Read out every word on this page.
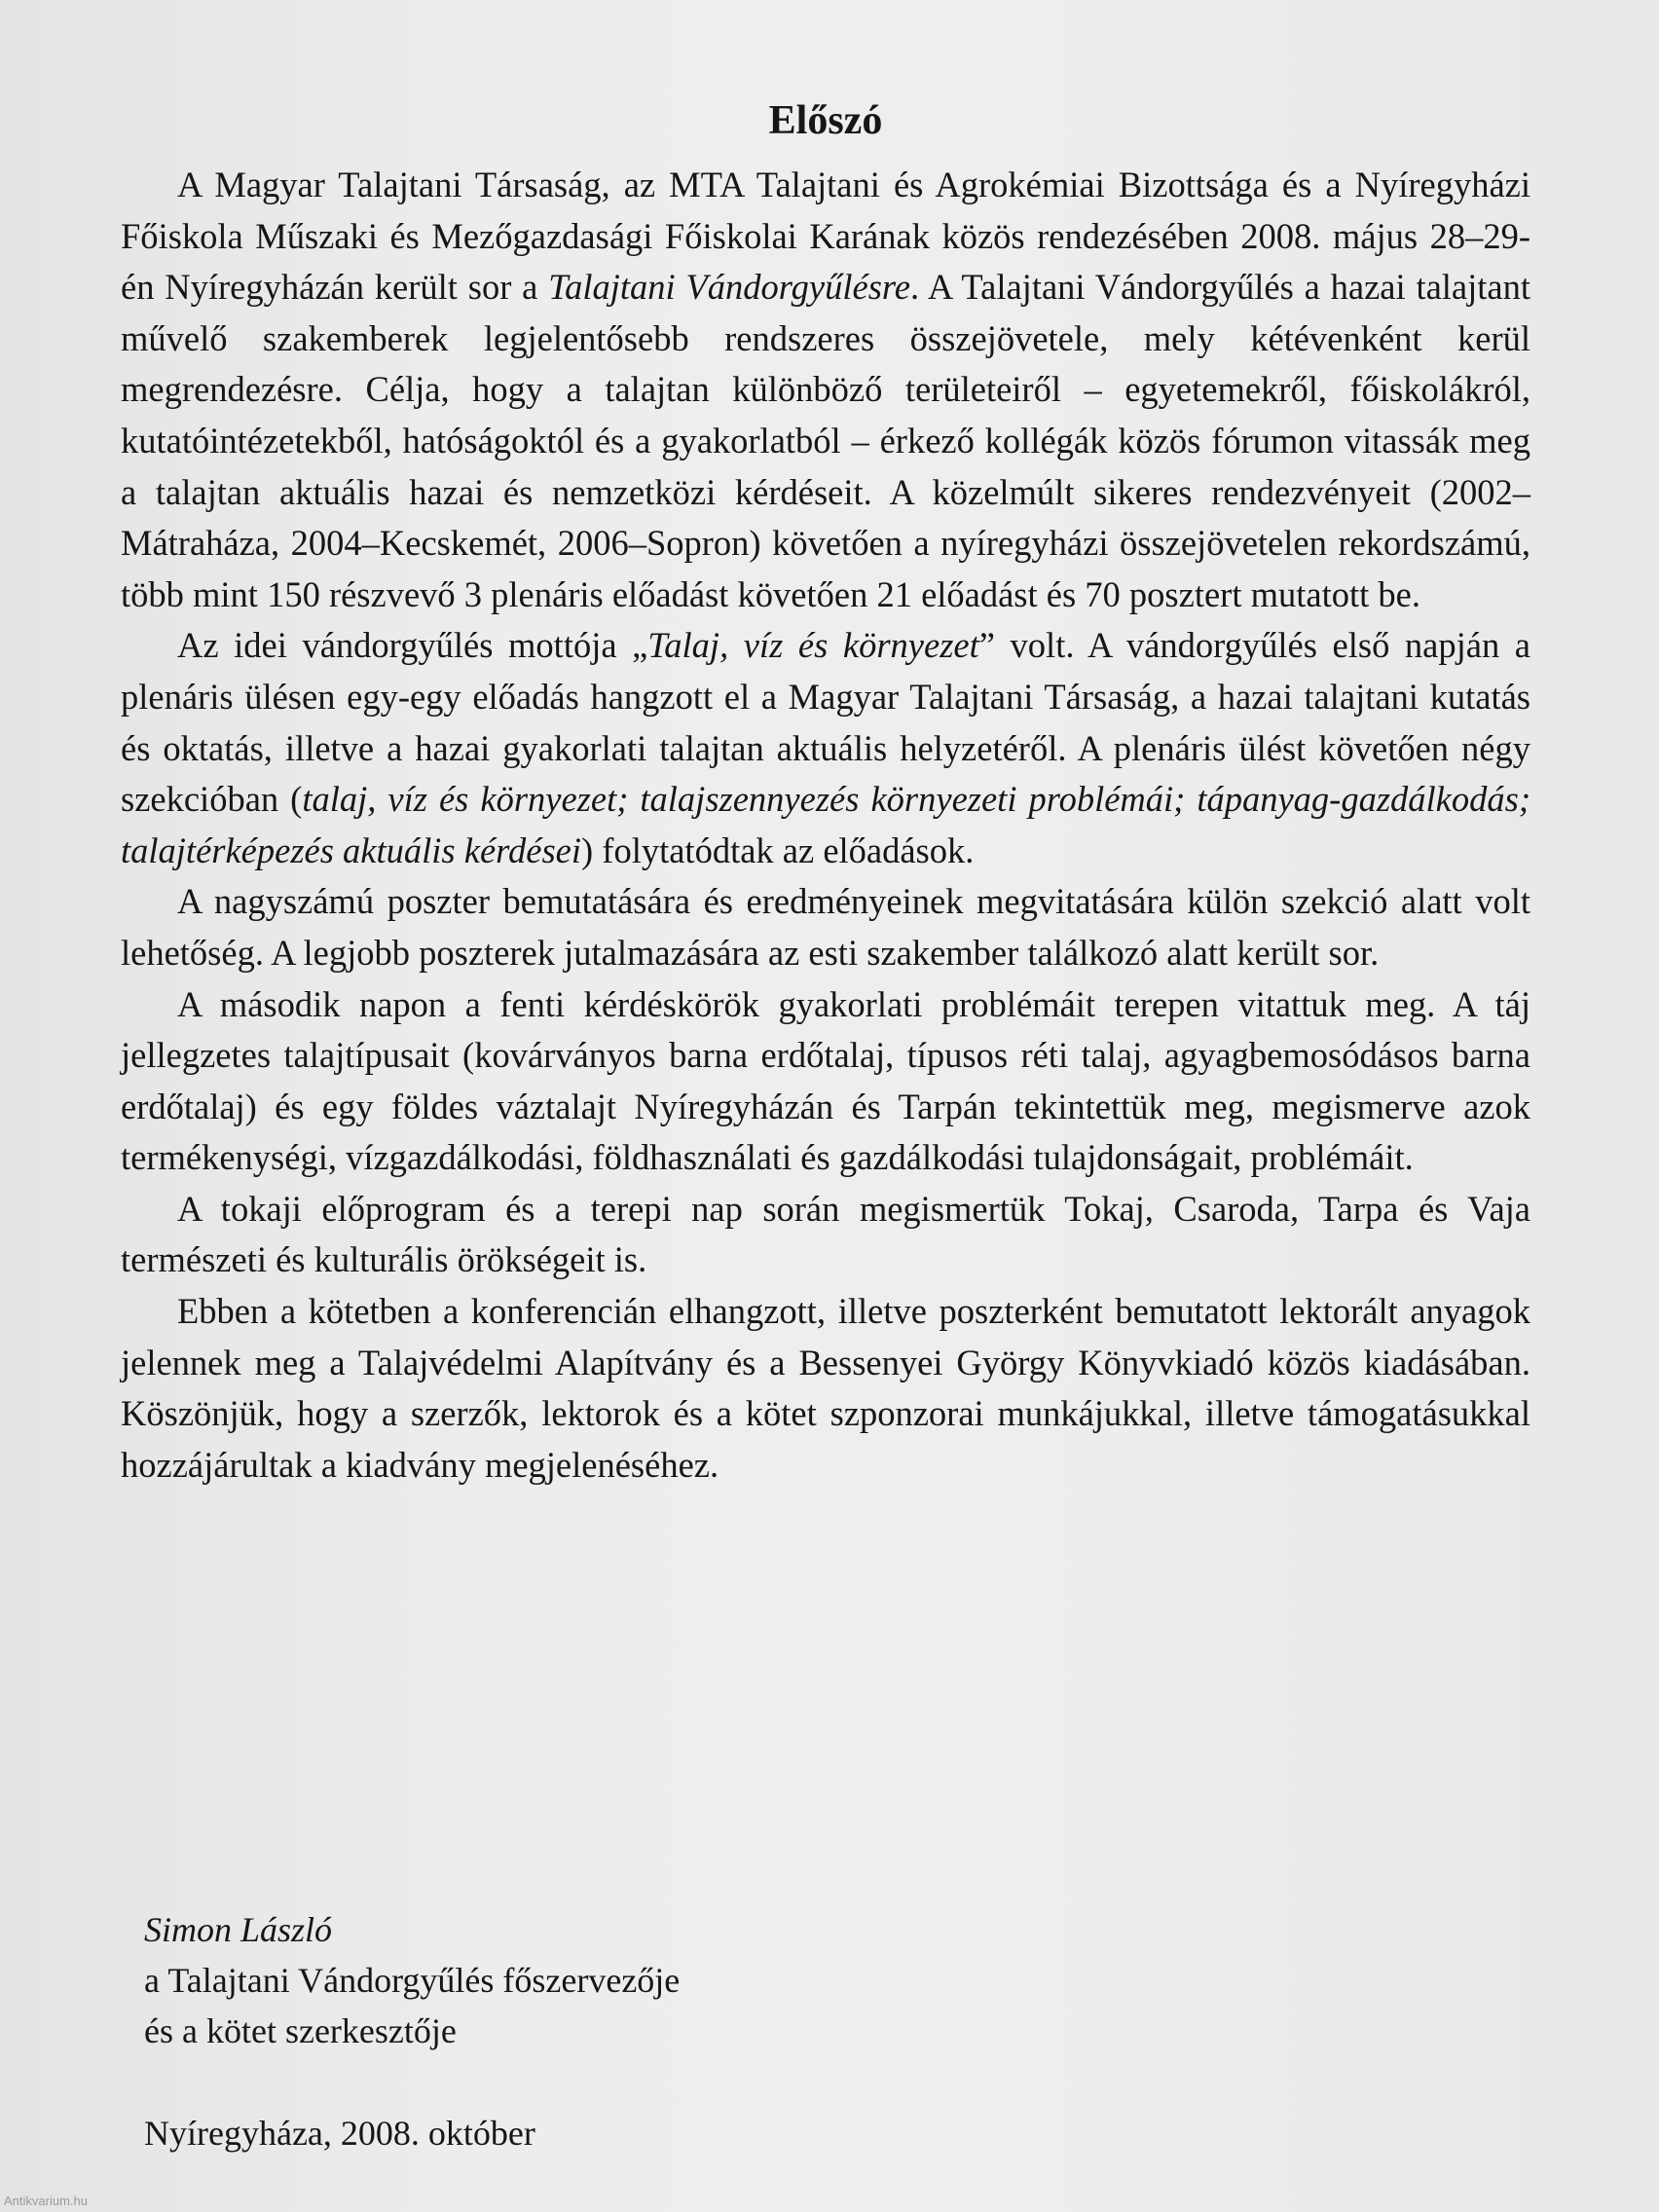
Előszó

A Magyar Talajtani Társaság, az MTA Talajtani és Agrokémiai Bizottsága és a Nyíregyházi Főiskola Műszaki és Mezőgazdasági Főiskolai Karának közös rendezésében 2008. május 28–29-én Nyíregyházán került sor a Talajtani Vándorgyűlésre. A Talajtani Vándorgyűlés a hazai talajtant művelő szakemberek legjelentősebb rendszeres összejövetele, mely kétévenként kerül megrendezésre. Célja, hogy a talajtan különböző területeiről – egyetemekről, főiskolákról, kutatóintézetekből, hatóságoktól és a gyakorlatból – érkező kollégák közös fórumon vitassák meg a talajtan aktuális hazai és nemzetközi kérdéseit. A közelmúlt sikeres rendezvényeit (2002–Mátraháza, 2004–Kecskemét, 2006–Sopron) követően a nyíregyházi összejövetelen rekordszámú, több mint 150 részvevő 3 plenáris előadást követően 21 előadást és 70 posztert mutatott be.

Az idei vándorgyűlés mottója „Talaj, víz és környezet” volt. A vándorgyűlés első napján a plenáris ülésen egy-egy előadás hangzott el a Magyar Talajtani Társaság, a hazai talajtani kutatás és oktatás, illetve a hazai gyakorlati talajtan aktuális helyzetéről. A plenáris ülést követően négy szekcióban (talaj, víz és környezet; talajszennyezés környezeti problémái; tápanyag-gazdálkodás; talajtérképezés aktuális kérdései) folytatódtak az előadások.

A nagyszámú poszter bemutatására és eredményeinek megvitatására külön szekció alatt volt lehetőség. A legjobb poszterek jutalmazására az esti szakember találkozó alatt került sor.

A második napon a fenti kérdéskörök gyakorlati problémáit terepen vitattuk meg. A táj jellegzetes talajtípusait (kovárványos barna erdőtalaj, típusos réti talaj, agyagbemosódásos barna erdőtalaj) és egy földes váztalajt Nyíregyházán és Tarpán tekintettük meg, megismerve azok termékenységi, vízgazdálkodási, földhasználati és gazdálkodási tulajdonságait, problémáit.

A tokaji előprogram és a terepi nap során megismertük Tokaj, Csaroda, Tarpa és Vaja természeti és kulturális örökségeit is.

Ebben a kötetben a konferencián elhangzott, illetve poszterként bemutatott lektorált anyagok jelennek meg a Talajvédelmi Alapítvány és a Bessenyei György Könyvkiadó közös kiadásában. Köszönjük, hogy a szerzők, lektorok és a kötet szponzorai munkájukkal, illetve támogatásukkal hozzájárultak a kiadvány megjelenéséhez.

Simon László
a Talajtani Vándorgyűlés főszervezője
és a kötet szerkesztője
Nyíregyháza, 2008. október
Antikvarium.hu
